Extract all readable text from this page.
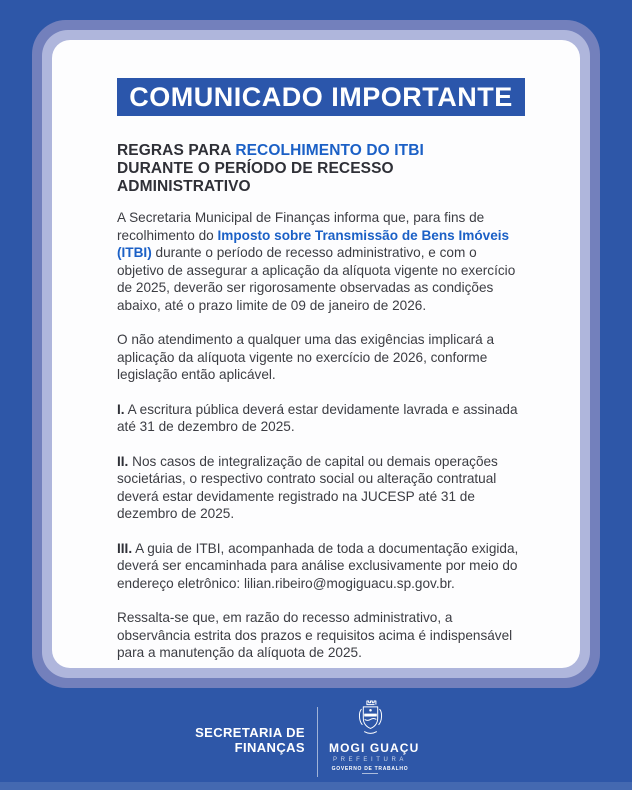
COMUNICADO IMPORTANTE
REGRAS PARA RECOLHIMENTO DO ITBI
DURANTE O PERÍODO DE RECESSO ADMINISTRATIVO

A Secretaria Municipal de Finanças informa que, para fins de recolhimento do Imposto sobre Transmissão de Bens Imóveis (ITBI) durante o período de recesso administrativo, e com o objetivo de assegurar a aplicação da alíquota vigente no exercício de 2025, deverão ser rigorosamente observadas as condições abaixo, até o prazo limite de 09 de janeiro de 2026.

O não atendimento a qualquer uma das exigências implicará a aplicação da alíquota vigente no exercício de 2026, conforme legislação então aplicável.

I. A escritura pública deverá estar devidamente lavrada e assinada até 31 de dezembro de 2025.

II. Nos casos de integralização de capital ou demais operações societárias, o respectivo contrato social ou alteração contratual deverá estar devidamente registrado na JUCESP até 31 de dezembro de 2025.

III. A guia de ITBI, acompanhada de toda a documentação exigida, deverá ser encaminhada para análise exclusivamente por meio do endereço eletrônico: lilian.ribeiro@mogiguacu.sp.gov.br.

Ressalta-se que, em razão do recesso administrativo, a observância estrita dos prazos e requisitos acima é indispensável para a manutenção da alíquota de 2025.

SECRETARIA DE
FINANÇAS MOGI GUAÇU
PREFEITURA
GOVERNO DE TRABALHO
